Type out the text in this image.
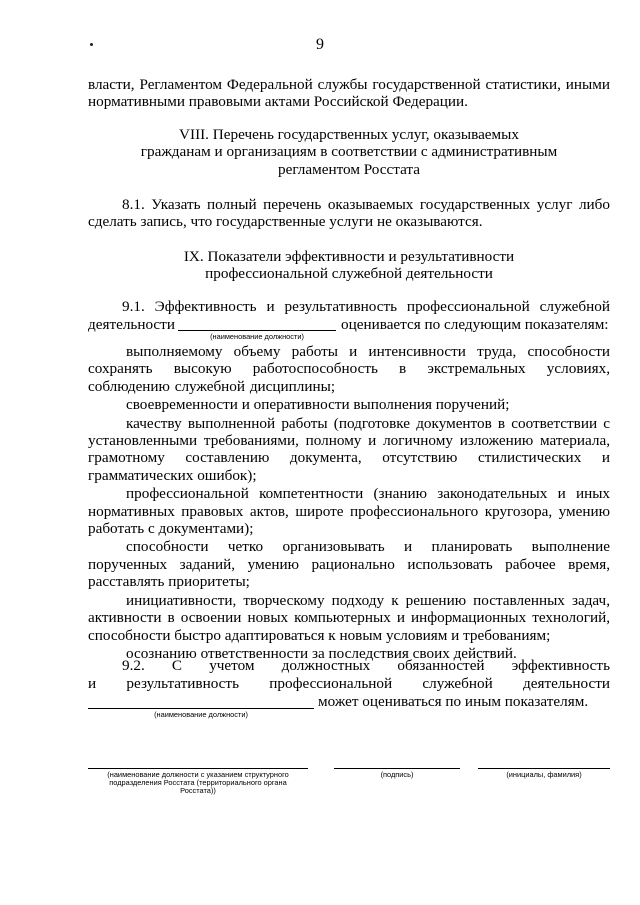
9
власти, Регламентом Федеральной службы государственной статистики, иными
нормативными правовыми актами Российской Федерации.
VIII. Перечень государственных услуг, оказываемых
гражданам и организациям в соответствии с административным
регламентом Росстата
8.1. Указать полный перечень оказываемых государственных услуг либо
сделать запись, что государственные услуги не оказываются.
IX. Показатели эффективности и результативности
профессиональной служебной деятельности
9.1. Эффективность и результативность профессиональной служебной
деятельности
(наименование должности)
оценивается по следующим показателям:
выполняемому объему работы и интенсивности труда, способности сохранять высокую работоспособность в экстремальных условиях, соблюдению служебной дисциплины;
своевременности и оперативности выполнения поручений;
качеству выполненной работы (подготовке документов в соответствии с установленными требованиями, полному и логичному изложению материала, грамотному составлению документа, отсутствию стилистических и грамматических ошибок);
профессиональной компетентности (знанию законодательных и иных нормативных правовых актов, широте профессионального кругозора, умению работать с документами);
способности четко организовывать и планировать выполнение порученных заданий, умению рационально использовать рабочее время, расставлять приоритеты;
инициативности, творческому подходу к решению поставленных задач, активности в освоении новых компьютерных и информационных технологий, способности быстро адаптироваться к новым условиям и требованиям;
осознанию ответственности за последствия своих действий.
9.2. С учетом должностных обязанностей эффективность
и результативность профессиональной служебной деятельности
(наименование должности)
может оцениваться по иным показателям.
(наименование должности с указанием структурного подразделения Росстата (территориального органа Росстата))
(подпись)	(инициалы, фамилия)
